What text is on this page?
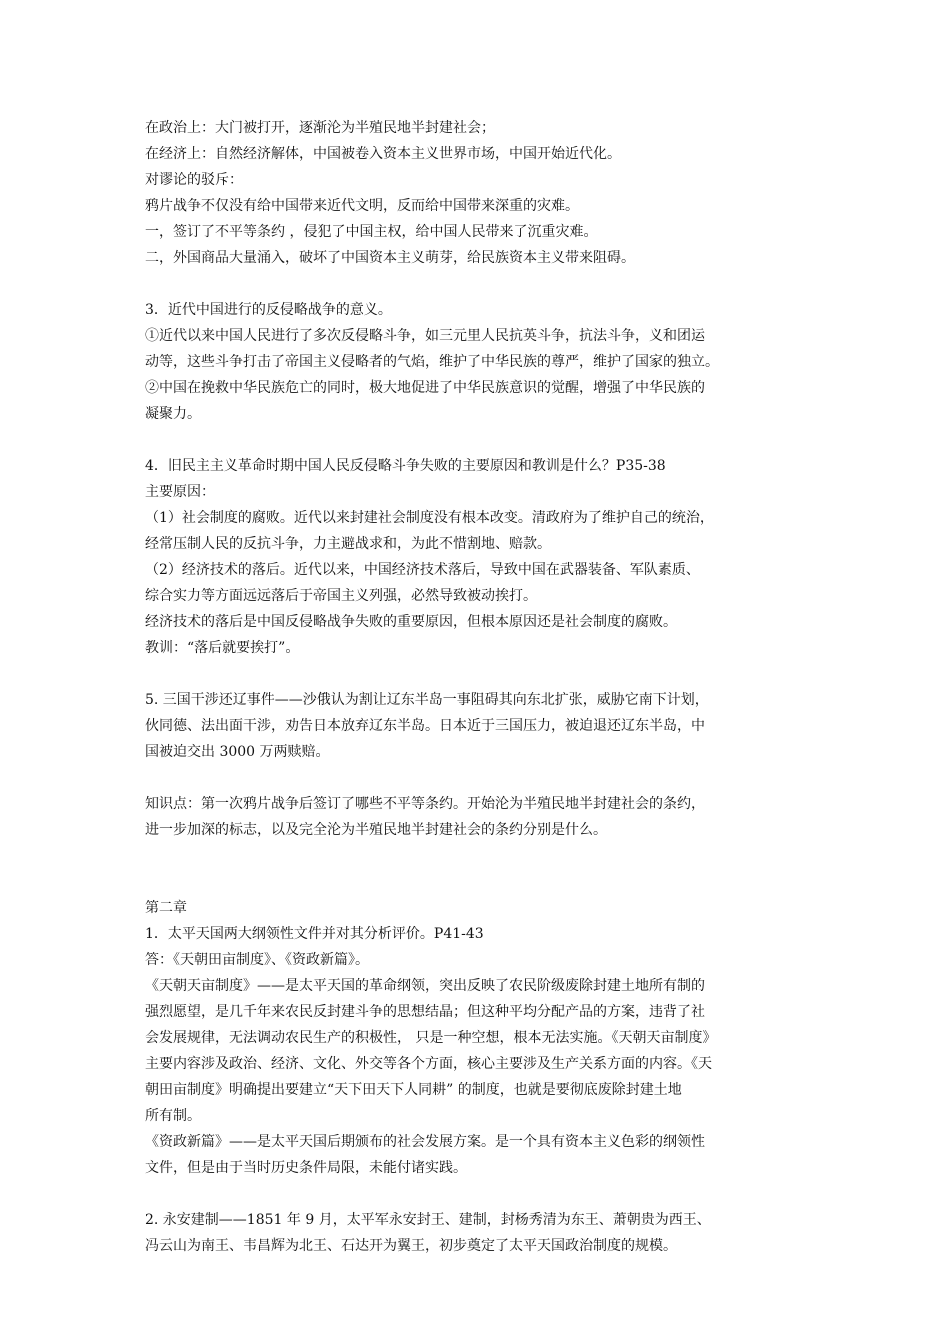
在政治上：大门被打开，逐渐沦为半殖民地半封建社会；
在经济上：自然经济解体，中国被卷入资本主义世界市场，中国开始近代化。
对谬论的驳斥：
鸦片战争不仅没有给中国带来近代文明，反而给中国带来深重的灾难。
一，签订了不平等条约 ，侵犯了中国主权，给中国人民带来了沉重灾难。
二，外国商品大量涌入，破坏了中国资本主义萌芽，给民族资本主义带来阻碍。
3．近代中国进行的反侵略战争的意义。
①近代以来中国人民进行了多次反侵略斗争，如三元里人民抗英斗争，抗法斗争，义和团运
动等，这些斗争打击了帝国主义侵略者的气焰，维护了中华民族的尊严，维护了国家的独立。
②中国在挽救中华民族危亡的同时，极大地促进了中华民族意识的觉醒，增强了中华民族的
凝聚力。
4．旧民主主义革命时期中国人民反侵略斗争失败的主要原因和教训是什么？P35-38
主要原因：
（1）社会制度的腐败。近代以来封建社会制度没有根本改变。清政府为了维护自己的统治，
经常压制人民的反抗斗争，力主避战求和，为此不惜割地、赔款。
（2）经济技术的落后。近代以来，中国经济技术落后，导致中国在武器装备、军队素质、
综合实力等方面远远落后于帝国主义列强，必然导致被动挨打。
经济技术的落后是中国反侵略战争失败的重要原因，但根本原因还是社会制度的腐败。
教训：“落后就要挨打”。
5. 三国干涉还辽事件——沙俄认为割让辽东半岛一事阻碍其向东北扩张，威胁它南下计划，
伙同德、法出面干涉，劝告日本放弃辽东半岛。日本近于三国压力，被迫退还辽东半岛，中
国被迫交出 3000 万两赎赔。
知识点：第一次鸦片战争后签订了哪些不平等条约。开始沦为半殖民地半封建社会的条约，
进一步加深的标志，以及完全沦为半殖民地半封建社会的条约分别是什么。
第二章
1．太平天国两大纲领性文件并对其分析评价。P41-43
答：《天朝田亩制度》、《资政新篇》。
《天朝天亩制度》——是太平天国的革命纲领，突出反映了农民阶级废除封建土地所有制的
强烈愿望，是几千年来农民反封建斗争的思想结晶；但这种平均分配产品的方案，违背了社
会发展规律，无法调动农民生产的积极性， 只是一种空想，根本无法实施。《天朝天亩制度》
主要内容涉及政治、经济、文化、外交等各个方面，核心主要涉及生产关系方面的内容。《天
朝田亩制度》明确提出要建立“天下田天下人同耕” 的制度，也就是要彻底废除封建土地
所有制。
《资政新篇》——是太平天国后期颁布的社会发展方案。是一个具有资本主义色彩的纲领性
文件，但是由于当时历史条件局限，未能付诸实践。
2. 永安建制——1851 年 9 月，太平军永安封王、建制，封杨秀清为东王、萧朝贵为西王、
冯云山为南王、韦昌辉为北王、石达开为翼王，初步奠定了太平天国政治制度的规模。
